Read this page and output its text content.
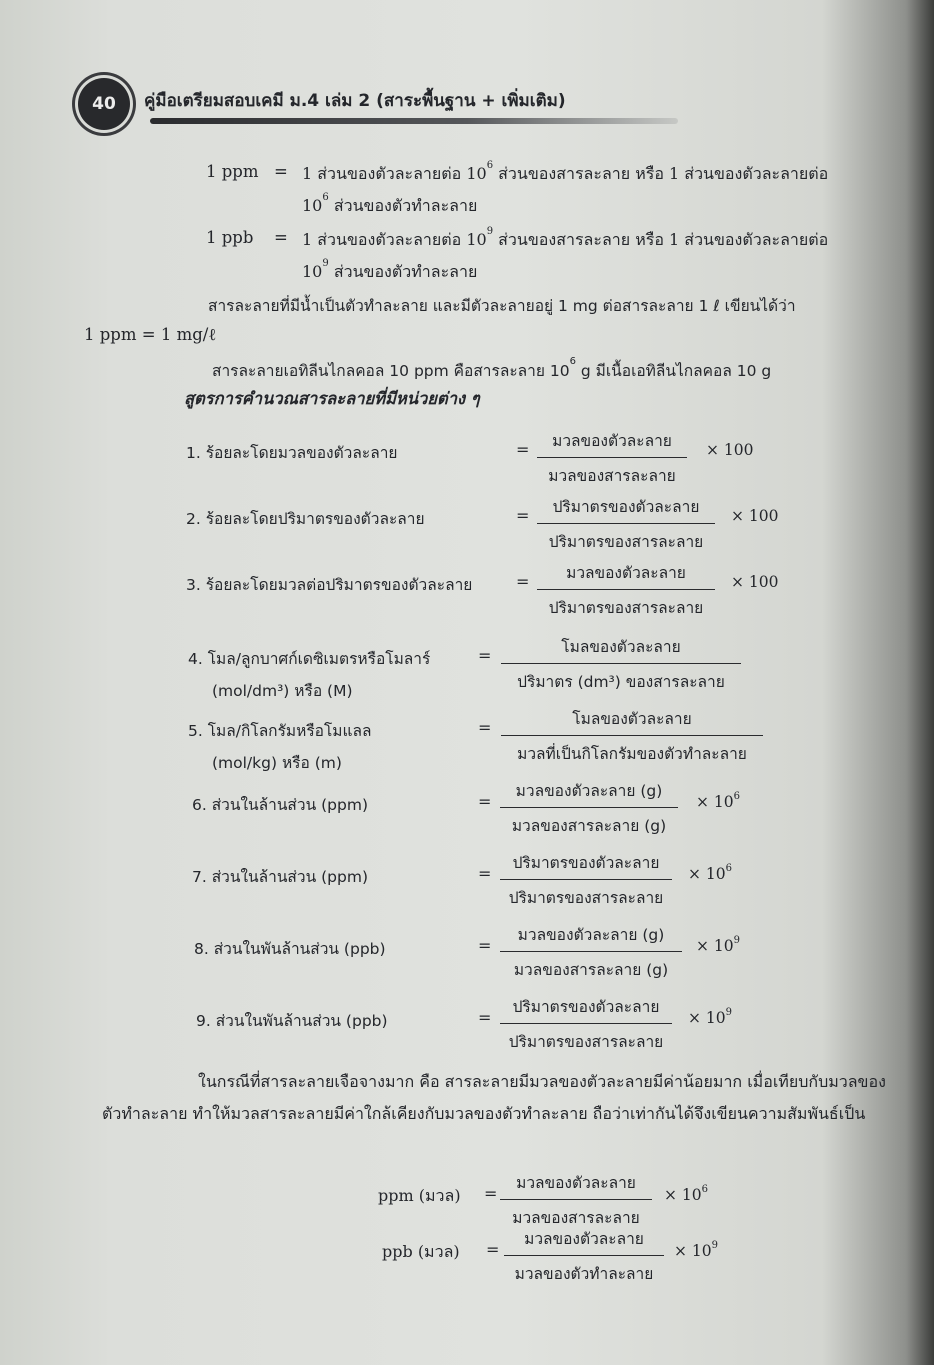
40	คู่มือเตรียมสอบเคมี ม.4 เล่ม 2 (สาระพื้นฐาน + เพิ่มเติม)
1 ppm = 1 ส่วนของตัวละลายต่อ $10^6$ ส่วนของสารละลาย หรือ 1 ส่วนของตัวละลายต่อ
$10^6$ ส่วนของตัวทำละลาย
1 ppb = 1 ส่วนของตัวละลายต่อ $10^9$ ส่วนของสารละลาย หรือ 1 ส่วนของตัวละลายต่อ
$10^9$ ส่วนของตัวทำละลาย
สารละลายที่มีน้ำเป็นตัวทำละลาย และมีตัวละลายอยู่ 1 mg ต่อสารละลาย 1 ℓ เขียนได้ว่า
1 ppm = 1 mg/ℓ
สารละลายเอทิลีนไกลคอล 10 ppm คือสารละลาย $10^6$ g มีเนื้อเอทิลีนไกลคอล 10 g
สูตรการคำนวณสารละลายที่มีหน่วยต่าง ๆ
1. ร้อยละโดยมวลของตัวละลาย	=	มวลของตัวละลาย
มวลของสารละลาย
× 100
2. ร้อยละโดยปริมาตรของตัวละลาย	=	ปริมาตรของตัวละลาย
ปริมาตรของสารละลาย
× 100
3. ร้อยละโดยมวลต่อปริมาตรของตัวละลาย	=	มวลของตัวละลาย
ปริมาตรของสารละลาย
× 100
4. โมล/ลูกบาศก์เดซิเมตรหรือโมลาร์
(mol/dm³) หรือ (M)
=	โมลของตัวละลาย
ปริมาตร (dm³) ของสารละลาย
5. โมล/กิโลกรัมหรือโมแลล
(mol/kg) หรือ (m)
=	โมลของตัวละลาย
มวลที่เป็นกิโลกรัมของตัวทำละลาย
6. ส่วนในล้านส่วน (ppm)	=
มวลของตัวละลาย (g)
มวลของสารละลาย (g)
× $10^6$
7. ส่วนในล้านส่วน (ppm)	=
ปริมาตรของตัวละลาย
ปริมาตรของสารละลาย
× $10^6$
8. ส่วนในพันล้านส่วน (ppb)	=
มวลของตัวละลาย (g)
มวลของสารละลาย (g)
× $10^9$
9. ส่วนในพันล้านส่วน (ppb)	=
ปริมาตรของตัวละลาย
ปริมาตรของสารละลาย
× $10^9$
ในกรณีที่สารละลายเจือจางมาก คือ สารละลายมีมวลของตัวละลายมีค่าน้อยมาก เมื่อเทียบกับมวลของตัวทำละลาย ทำให้มวลสารละลายมีค่าใกล้เคียงกับมวลของตัวทำละลาย ถือว่าเท่ากันได้จึงเขียนความสัมพันธ์เป็น
ppm (มวล) =
มวลของตัวละลาย
มวลของสารละลาย
× $10^6$
ppb (มวล) =
มวลของตัวละลาย
มวลของตัวทำละลาย
× $10^9$
